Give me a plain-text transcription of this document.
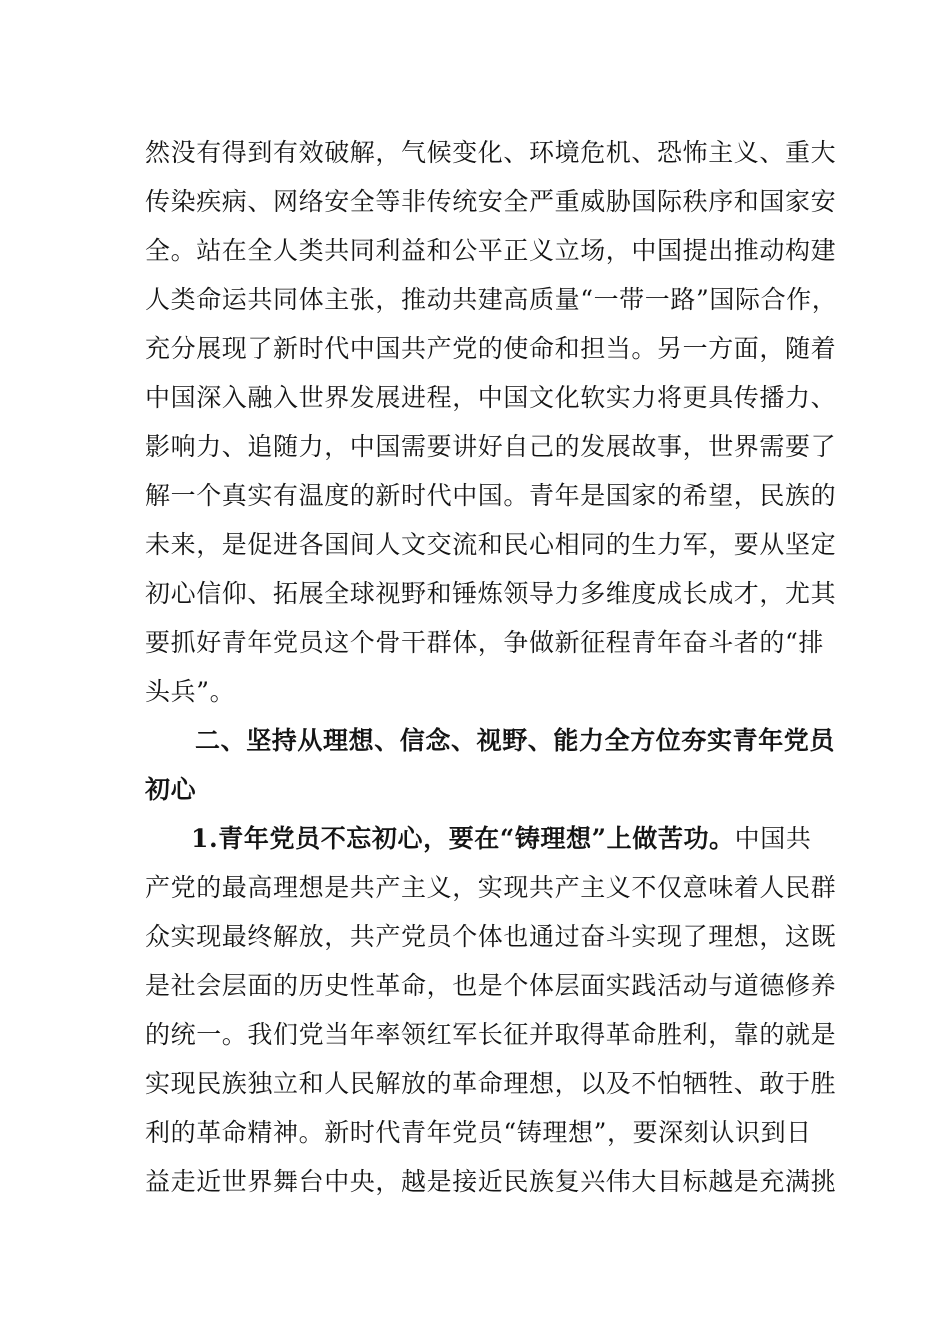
然没有得到有效破解，气候变化、环境危机、恐怖主义、重大
传染疾病、网络安全等非传统安全严重威胁国际秩序和国家安
全。站在全人类共同利益和公平正义立场，中国提出推动构建
人类命运共同体主张，推动共建高质量“一带一路”国际合作，
充分展现了新时代中国共产党的使命和担当。另一方面，随着
中国深入融入世界发展进程，中国文化软实力将更具传播力、
影响力、追随力，中国需要讲好自己的发展故事，世界需要了
解一个真实有温度的新时代中国。青年是国家的希望，民族的
未来，是促进各国间人文交流和民心相同的生力军，要从坚定
初心信仰、拓展全球视野和锤炼领导力多维度成长成才，尤其
要抓好青年党员这个骨干群体，争做新征程青年奋斗者的“排
头兵”。
二、坚持从理想、信念、视野、能力全方位夯实青年党员
初心
1.青年党员不忘初心，要在“铸理想”上做苦功。中国共
产党的最高理想是共产主义，实现共产主义不仅意味着人民群
众实现最终解放，共产党员个体也通过奋斗实现了理想，这既
是社会层面的历史性革命，也是个体层面实践活动与道德修养
的统一。我们党当年率领红军长征并取得革命胜利，靠的就是
实现民族独立和人民解放的革命理想，以及不怕牺牲、敢于胜
利的革命精神。新时代青年党员“铸理想”，要深刻认识到日
益走近世界舞台中央，越是接近民族复兴伟大目标越是充满挑
